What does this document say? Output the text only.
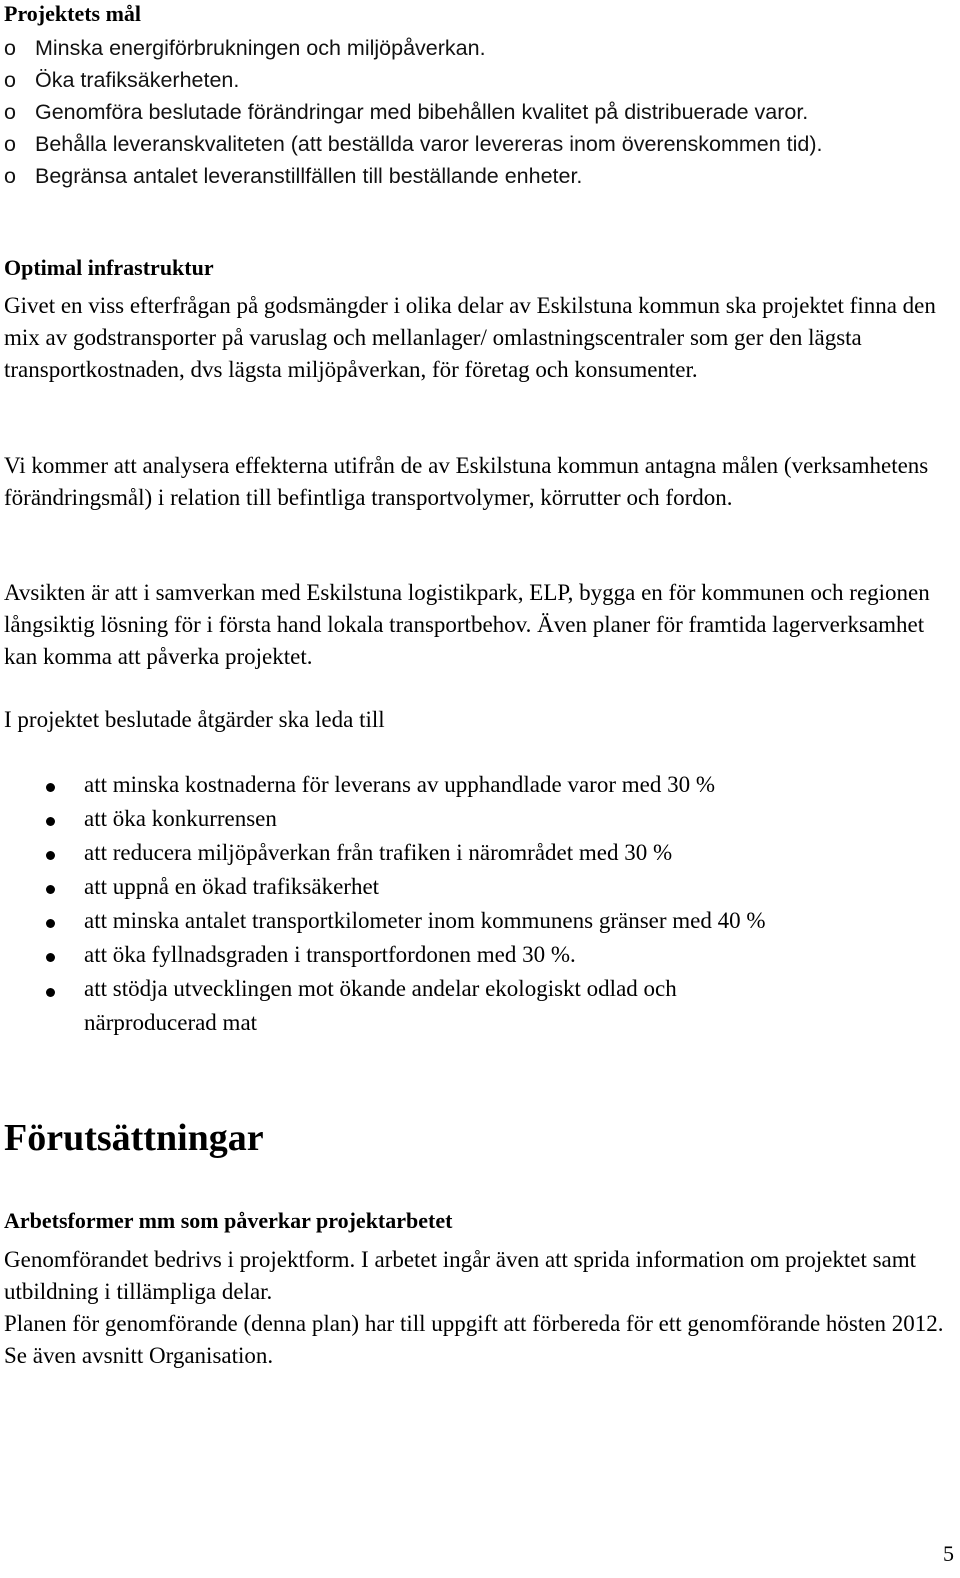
Projektets mål
o Minska energiförbrukningen och miljöpåverkan.
o Öka trafiksäkerheten.
o Genomföra beslutade förändringar med bibehållen kvalitet på distribuerade varor.
o Behålla leveranskvaliteten (att beställda varor levereras inom överenskommen tid).
o Begränsa antalet leveranstillfällen till beställande enheter.
Optimal infrastruktur

Givet en viss efterfrågan på godsmängder i olika delar av Eskilstuna kommun ska projektet finna den mix av godstransporter på varuslag och mellanlager/ omlastningscentraler som ger den lägsta transportkostnaden, dvs lägsta miljöpåverkan, för företag och konsumenter.

Vi kommer att analysera effekterna utifrån de av Eskilstuna kommun antagna målen (verksamhetens förändringsmål) i relation till befintliga transportvolymer, körrutter och fordon.

Avsikten är att i samverkan med Eskilstuna logistikpark, ELP, bygga en för kommunen och regionen långsiktig lösning för i första hand lokala transportbehov. Även planer för framtida lagerverksamhet kan komma att påverka projektet.

I projektet beslutade åtgärder ska leda till

att minska kostnaderna för leverans av upphandlade varor med 30 %
att öka konkurrensen
att reducera miljöpåverkan från trafiken i närområdet med 30 %
att uppnå en ökad trafiksäkerhet
att minska antalet transportkilometer inom kommunens gränser med 40 %
att öka fyllnadsgraden i transportfordonen med 30 %.
att stödja utvecklingen mot ökande andelar ekologiskt odlad och närproducerad mat
Förutsättningar
Arbetsformer mm som påverkar projektarbetet

Genomförandet bedrivs i projektform. I arbetet ingår även att sprida information om projektet samt utbildning i tillämpliga delar.

Planen för genomförande (denna plan) har till uppgift att förbereda för ett genomförande hösten 2012. Se även avsnitt Organisation.

5
